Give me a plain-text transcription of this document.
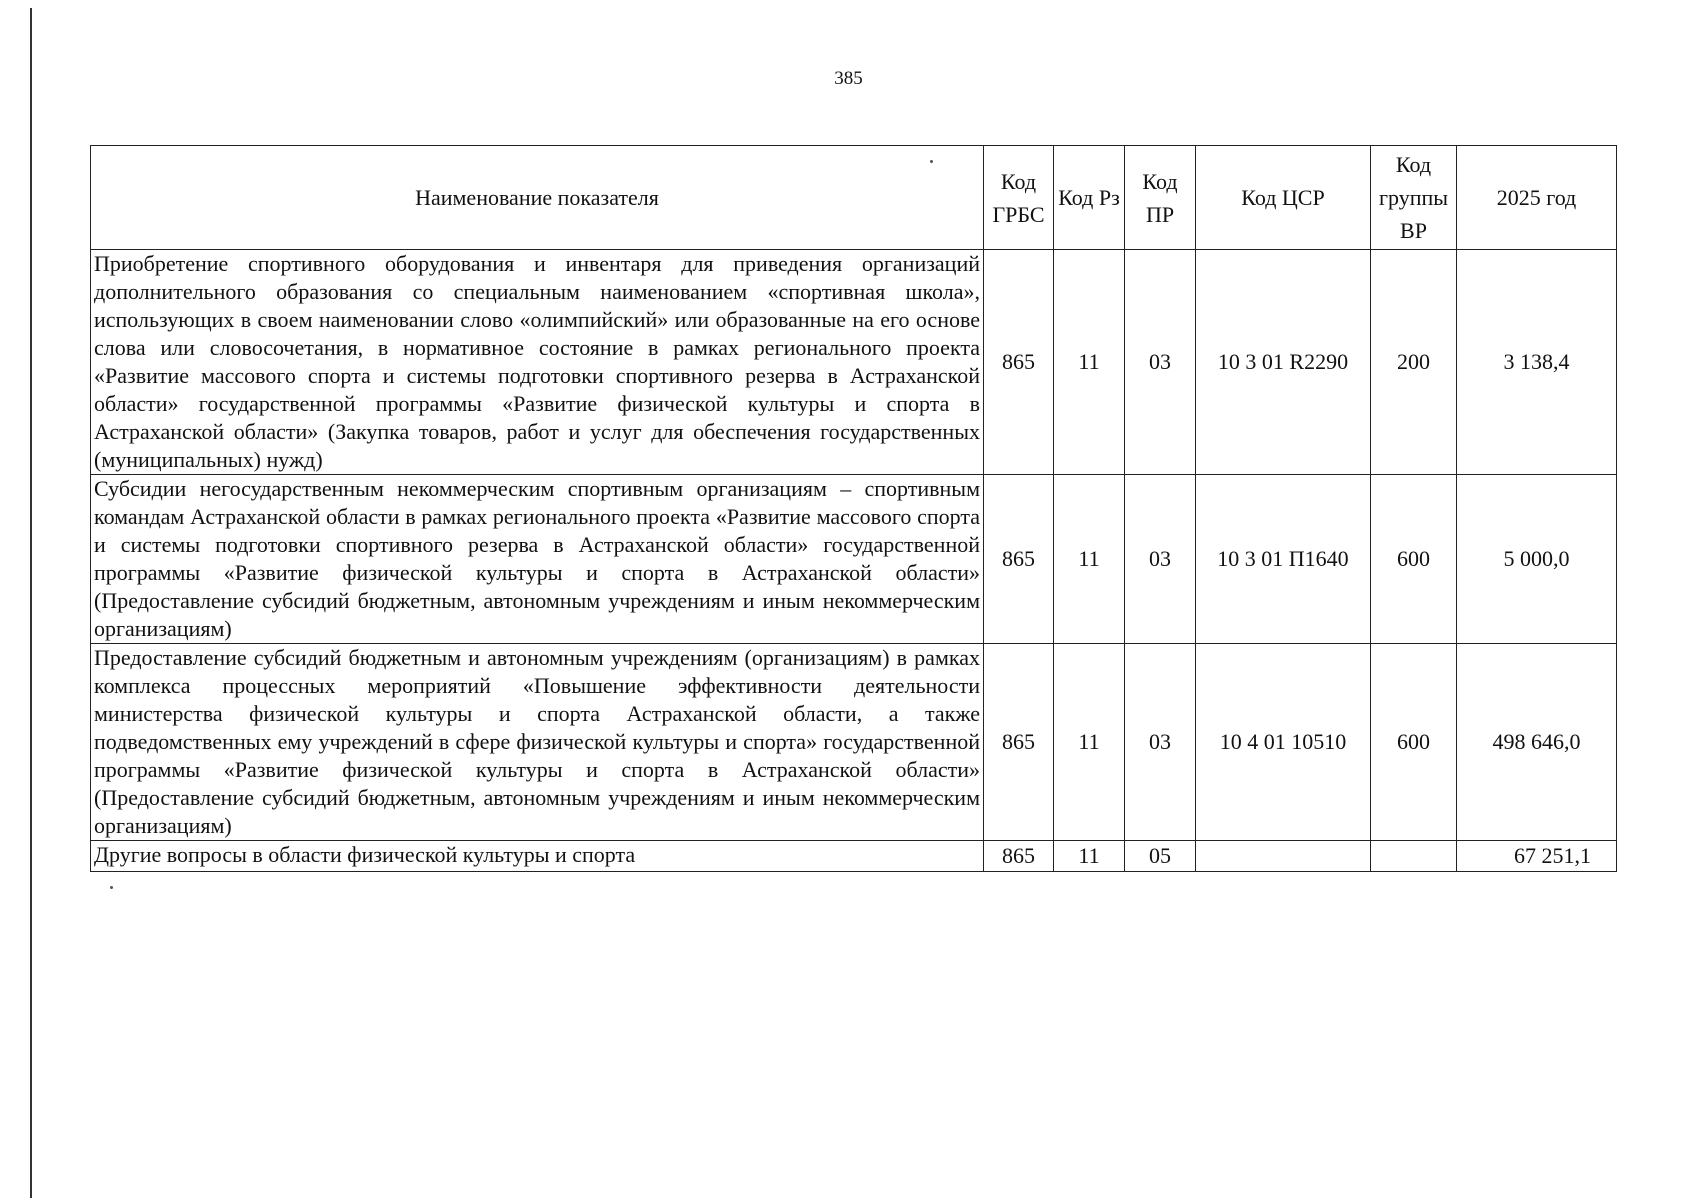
385
Наименование показателя	Код ГРБС	Код Рз	Код ПР	Код ЦСР	Код группы ВР	2025 год
Приобретение спортивного оборудования и инвентаря для приведения организаций дополнительного образования со специальным наименованием «спортивная школа», использующих в своем наименовании слово «олимпийский» или образованные на его основе слова или словосочетания, в нормативное состояние в рамках регионального проекта «Развитие массового спорта и системы подготовки спортивного резерва в Астраханской области» государственной программы «Развитие физической культуры и спорта в Астраханской области» (Закупка товаров, работ и услуг для обеспечения государственных (муниципальных) нужд)	865	11	03	10 3 01 R2290	200	3 138,4
Субсидии негосударственным некоммерческим спортивным организациям – спортивным командам Астраханской области в рамках регионального проекта «Развитие массового спорта и системы подготовки спортивного резерва в Астраханской области» государственной программы «Развитие физической культуры и спорта в Астраханской области» (Предоставление субсидий бюджетным, автономным учреждениям и иным некоммерческим организациям)	865	11	03	10 3 01 П1640	600	5 000,0
Предоставление субсидий бюджетным и автономным учреждениям (организациям) в рамках комплекса процессных мероприятий «Повышение эффективности деятельности министерства физической культуры и спорта Астраханской области, а также подведомственных ему учреждений в сфере физической культуры и спорта» государственной программы «Развитие физической культуры и спорта в Астраханской области» (Предоставление субсидий бюджетным, автономным учреждениям и иным некоммерческим организациям)	865	11	03	10 4 01 10510	600	498 646,0
Другие вопросы в области физической культуры и спорта	865	11	05			67 251,1
